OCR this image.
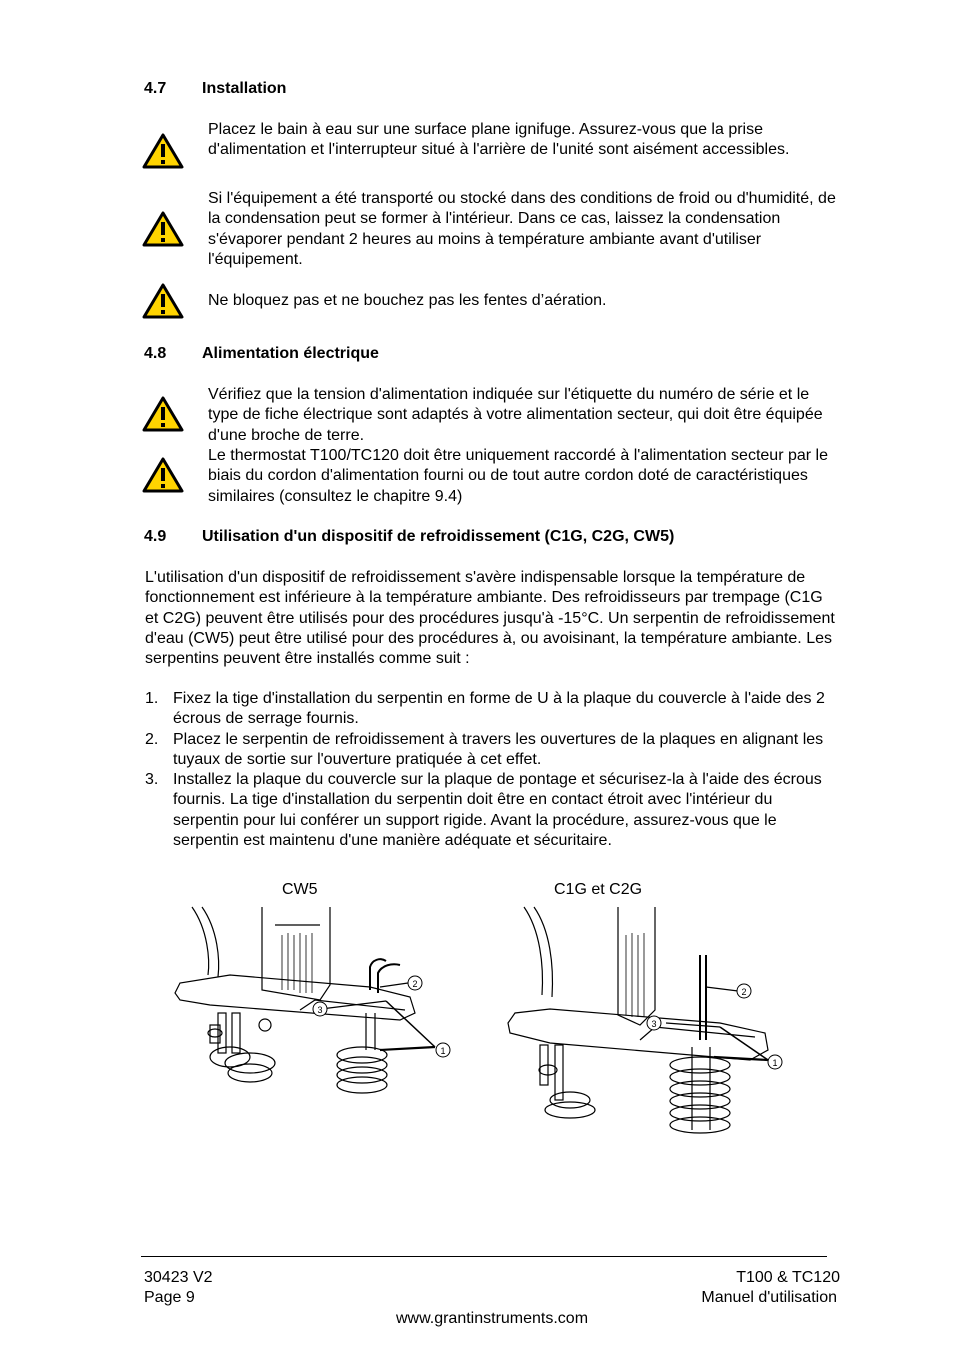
4.7 Installation
Placez le bain à eau sur une surface plane ignifuge. Assurez-vous que la prise d'alimentation et l'interrupteur situé à l'arrière de l'unité sont aisément accessibles.
Si l'équipement a été transporté ou stocké dans des conditions de froid ou d'humidité, de la condensation peut se former à l'intérieur. Dans ce cas, laissez la condensation s'évaporer pendant 2 heures au moins à température ambiante avant d'utiliser l'équipement.
Ne bloquez pas et ne bouchez pas les fentes d’aération.
4.8 Alimentation électrique
Vérifiez que la tension d'alimentation indiquée sur l'étiquette du numéro de série et le type de fiche électrique sont adaptés à votre alimentation secteur, qui doit être équipée d'une broche de terre.
Le thermostat T100/TC120 doit être uniquement raccordé à l'alimentation secteur par le biais du cordon d'alimentation fourni ou de tout autre cordon doté de caractéristiques similaires (consultez le chapitre 9.4)
4.9 Utilisation d'un dispositif de refroidissement (C1G, C2G, CW5)
L'utilisation d'un dispositif de refroidissement s'avère indispensable lorsque la température de fonctionnement est inférieure à la température ambiante. Des refroidisseurs par trempage (C1G et C2G) peuvent être utilisés pour des procédures jusqu'à -15°C. Un serpentin de refroidissement d'eau (CW5) peut être utilisé pour des procédures à, ou avoisinant, la température ambiante. Les serpentins peuvent être installés comme suit :
1. Fixez la tige d'installation du serpentin en forme de U à la plaque du couvercle à l'aide des 2 écrous de serrage fournis.
2. Placez le serpentin de refroidissement à travers les ouvertures de la plaques en alignant les tuyaux de sortie sur l'ouverture pratiquée à cet effet.
3. Installez la plaque du couvercle sur la plaque de pontage et sécurisez-la à l'aide des écrous fournis. La tige d'installation du serpentin doit être en contact étroit avec l'intérieur du serpentin pour lui conférer un support rigide. Avant la procédure, assurez-vous que le serpentin est maintenu d'une manière adéquate et sécuritaire.
CW5	C1G et C2G
3
2
1
3
2
1
30423 V2
Page 9
T100 & TC120
Manuel d'utilisation
www.grantinstruments.com
